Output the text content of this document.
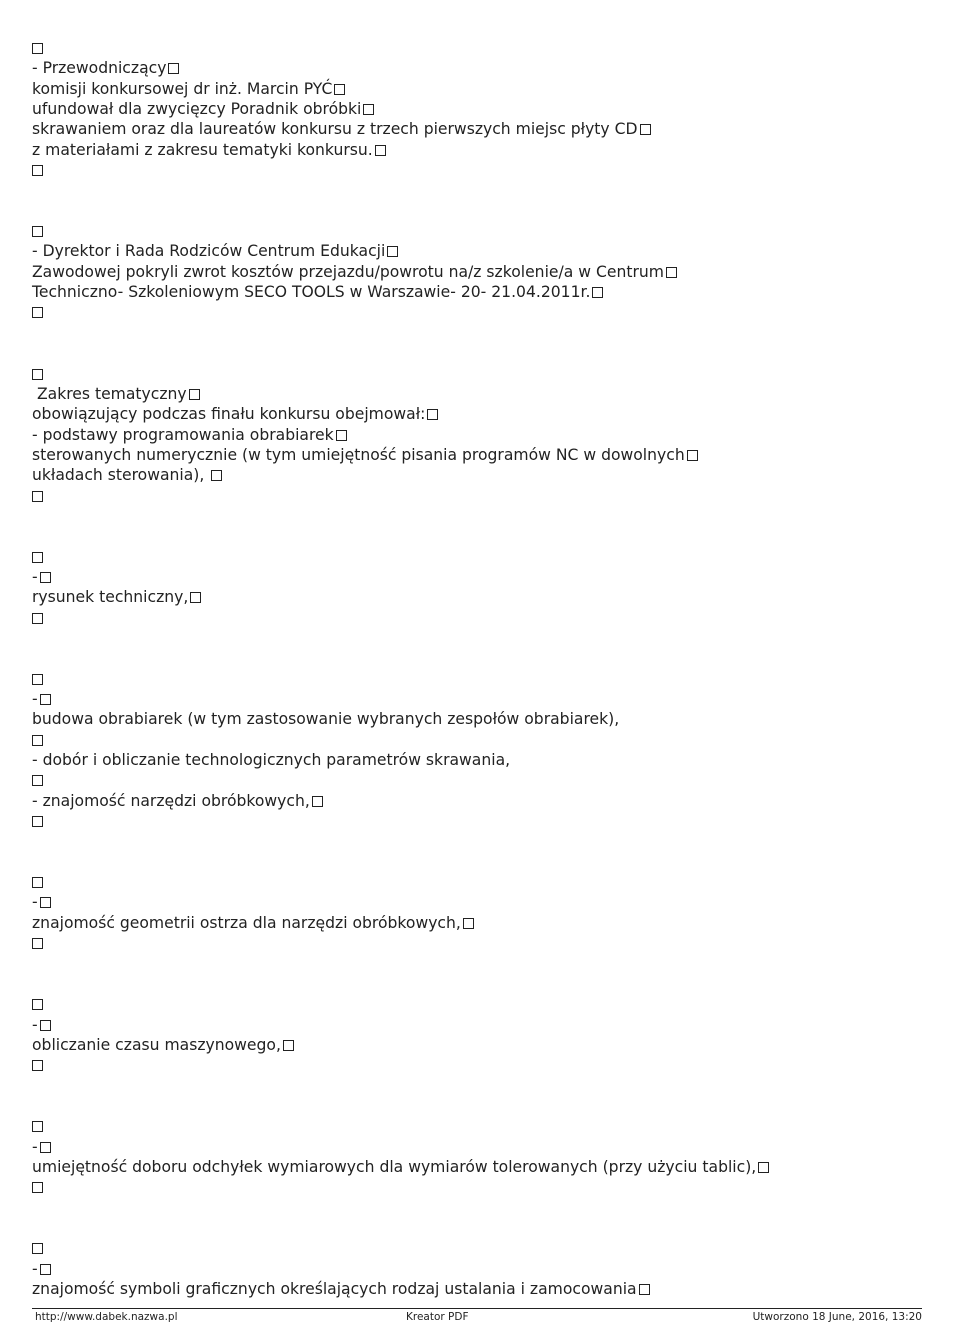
- Przewodniczący
komisji konkursowej dr inż. Marcin PYĆ
ufundował dla zwycięzcy Poradnik obróbki
skrawaniem oraz dla laureatów konkursu z trzech pierwszych miejsc płyty CD
z materiałami z zakresu tematyki konkursu.
- Dyrektor i Rada Rodziców Centrum Edukacji
Zawodowej pokryli zwrot kosztów przejazdu/powrotu na/z szkolenie/a w Centrum
Techniczno- Szkoleniowym SECO TOOLS w Warszawie- 20- 21.04.2011r.
Zakres tematyczny
obowiązujący podczas finału konkursu obejmował:
- podstawy programowania obrabiarek
sterowanych numerycznie (w tym umiejętność pisania programów NC w dowolnych
układach sterowania),
-
rysunek techniczny,
-
budowa obrabiarek (w tym zastosowanie wybranych zespołów obrabiarek),
- dobór i obliczanie technologicznych parametrów skrawania,
- znajomość narzędzi obróbkowych,
-
znajomość geometrii ostrza dla narzędzi obróbkowych,
-
obliczanie czasu maszynowego,
-
umiejętność doboru odchyłek wymiarowych dla wymiarów tolerowanych (przy użyciu tablic),
-
znajomość symboli graficznych określających rodzaj ustalania i zamocowania
http://www.dabek.nazwa.pl	Kreator PDF	Utworzono 18 June, 2016, 13:20
